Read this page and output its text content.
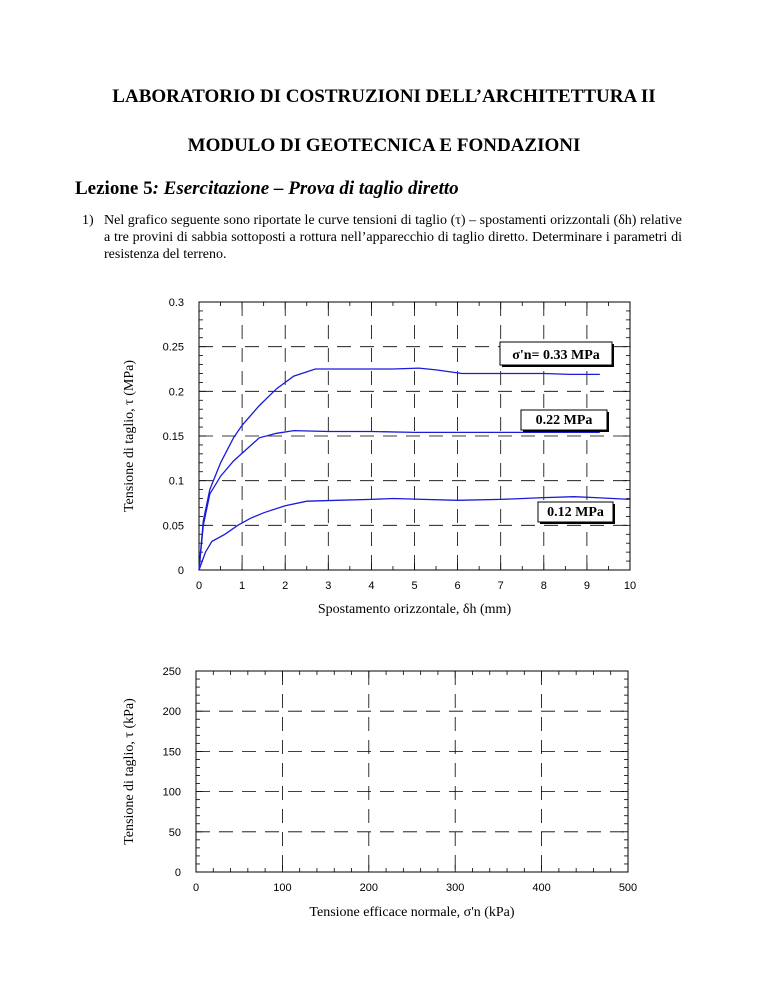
LABORATORIO DI COSTRUZIONI DELL’ARCHITETTURA II
MODULO DI GEOTECNICA E FONDAZIONI
Lezione 5: Esercitazione – Prova di taglio diretto
1) Nel grafico seguente sono riportate le curve tensioni di taglio (τ) – spostamenti orizzontali (δh) relative a tre provini di sabbia sottoposti a rottura nell’apparecchio di taglio diretto. Determinare i parametri di resistenza del terreno.
0	1	2	3	4	5	6	7	8	9	10
0
0.05
0.1
0.15
0.2
0.25
0.3
Spostamento orizzontale, δh (mm)
Tensione di taglio, τ (MPa)
σ'n= 0.33 MPa
0.22 MPa
0.12 MPa
0	100	200	300	400	500
0
50
100
150
200
250
Tensione efficace normale, σ'n (kPa)
Tensione di taglio, τ (kPa)
